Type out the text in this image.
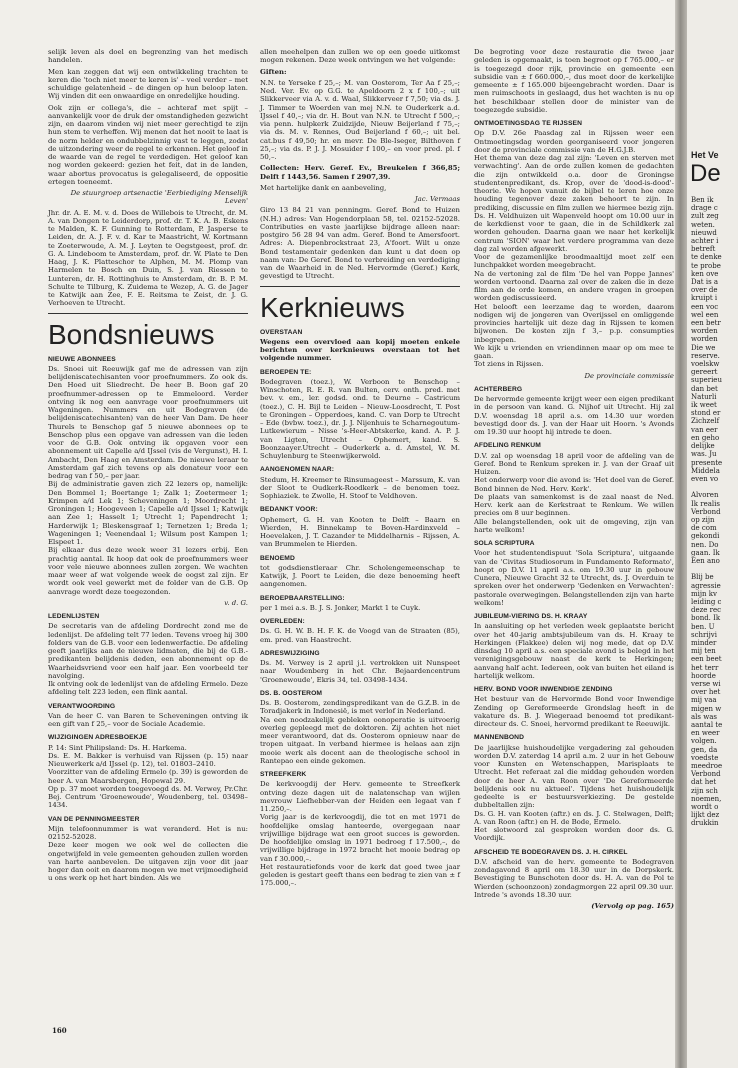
selijk leven als doel en begrenzing van het medisch handelen.

Men kan zeggen dat wij een ontwikkeling trachten te keren die 'toch niet meer te keren is' – veel verder – met schuldige gelatenheid – de dingen op hun beloop laten. Wij vinden dit een onwaardige en onredelijke houding.

Ook zijn er collega's, die – achteraf met spijt – aanvankelijk voor de druk der omstandigheden gezwicht zijn, en daarom vinden wij niet meer gerechtigd te zijn hun stem te verheffen. Wij menen dat het nooit te laat is de norm helder en ondubbelzinnig vast te leggen, zodat de uitzondering weer de regel te erkennen. Het geloof in de waarde van de regel te verdedigen. Het geloof kan nog worden gekeerd: gezien het feit, dat in de landen, waar abortus provocatus is gelegaliseerd, de oppositie ertegen toeneemt.

De stuurgroep artsenactie 'Eerbiediging Menselijk Leven'

Jhr. dr. A. E. M. v. d. Does de Willebois te Utrecht, dr. M. A. van Dongen te Leiderdorp, prof. dr. T. K. A. B. Eskens te Malden, K. F. Gunning te Rotterdam, P. Jasperse te Leiden, dr. A. J. F. v. d. Kar te Maastricht, W. Kortmann te Zoeterwoude, A. M. J. Leyten te Oegstgeest, prof. dr. G. A. Lindeboom te Amsterdam, prof. dr. W. Plate te Den Haag, J. K. Platteschor te Alphen, M. M. Plomp van Harmelen te Bosch en Duin, S. J. van Riessen te Lunteren, dr. H. Rottinghuis te Amsterdam, dr. B. P. M. Schulte te Tilburg, K. Zuidema te Wezep, A. G. de Jager te Katwijk aan Zee, F. E. Reitsma te Zeist, dr. J. G. Verhoeven te Utrecht.

Bondsnieuws
NIEUWE ABONNEES

Ds. Snoei uit Reeuwijk gaf me de adressen van zijn belijdeniscatechisanten voor proefnummers. Zo ook ds. Den Hoed uit Sliedrecht. De heer B. Boon gaf 20 proefnummer-adressen op te Emmeloord. Verder ontving ik nog een aanvrage voor proefnummers uit Wageningen. Nummers en uit Bodegraven (de belijdeniscatechisanten) van de heer Van Dam. De heer Thurels te Benschop gaf 5 nieuwe abonnees op te Benschop plus een opgave van adressen van die leden voor de G.B. Ook ontving ik opgaven voor een abonnement uit Capelle a/d IJssel (vis de Vergunst), H. I. Ambacht, Den Haag en Amsterdam. De nieuwe leraar te Amsterdam gaf zich tevens op als donateur voor een bedrag van f 50,– per jaar.
Bij de administratie gaven zich 22 lezers op, namelijk: Den Bommel 1; Boertange 1; Zalk 1; Zoetermeer 1; Krimpen a/d Lek 1; Scheveningen 1; Moordrecht 1; Groningen 1; Hoogeveen 1; Capelle a/d IJssel 1; Katwijk aan Zee 1; Hasselt 1; Utrecht 1; Papendrecht 1; Harderwijk 1; Bleskensgraaf 1; Ternetzen 1; Breda 1; Wageningen 1; Veenendaal 1; Wilsum post Kampen 1; Elspeet 1.
Bij elkaar dus deze week weer 31 lezers erbij. Een prachtig aantal. Ik hoop dat ook de proefnummers weer voor vele nieuwe abonnees zullen zorgen. We wachten maar weer af wat volgende week de oogst zal zijn. Er wordt ook veel gewerkt met de folder van de G.B. Op aanvrage wordt deze toegezonden.

v. d. G.

LEDENLIJSTEN

De secretaris van de afdeling Dordrecht zond me de ledenlijst. De afdeling telt 77 leden. Tevens vroeg hij 300 folders van de G.B. voor een ledenwerfactie. De afdeling geeft jaarlijks aan de nieuwe lidmaten, die bij de G.B.-predikanten belijdenis deden, een abonnement op de Waarheidsvriend voor een half jaar. Een voorbeeld ter navolging.
Ik ontving ook de ledenlijst van de afdeling Ermelo. Deze afdeling telt 223 leden, een flink aantal.

VERANTWOORDING

Van de heer C. van Baren te Scheveningen ontving ik een gift van f 25,– voor de Sociale Academie.

WIJZIGINGEN ADRESBOEKJE

P. 14: Sint Philipsland: Ds. H. Harkema.
Ds. E. M. Bakker is verhuisd van Rijssen (p. 15) naar Nieuwerkerk a/d IJssel (p. 12), tel. 01803–2410.
Voorzitter van de afdeling Ermelo (p. 39) is geworden de heer A. van Maarsbergen, Hopewal 29.
Op p. 37 moet worden toegevoegd ds. M. Verwey, Pr.Chr. Bej. Centrum 'Groenewoude', Woudenberg, tel. 03498–1434.

VAN DE PENNINGMEESTER

Mijn telefoonnummer is wat veranderd. Het is nu: 02152-52028.
Deze keer mogen we ook wel de collecten die ongetwijfeld in vele gemeenten gehouden zullen worden van harte aanbevelen. De uitgaven zijn voor dit jaar hoger dan ooit en daarom mogen we met vrijmoedigheid u ons werk op het hart binden. Als we

allen meehelpen dan zullen we op een goede uitkomst mogen rekenen. Deze week ontvingen we het volgende:

Giften:

N.N. te Yerseke f 25,–; M. van Oosterom, Ter Aa f 25,–; Ned. Ver. Ev. op G.G. te Apeldoorn 2 x f 100,–; uit Slikkerveer via A. v. d. Waal, Slikkerveer f 7,50; via ds. J. J. Timmer te Woerden van mej N.N. te Ouderkerk a.d. IJssel f 40,–; via dr. H. Bout van N.N. te Utrecht f 500,–; via penn. hulpkerk Zuidzijde, Nieuw Beijerland f 75,–; via ds. M. v. Rennes, Oud Beijerland f 60,–; uit bel. cat.bus f 49,50; hr. en mevr. De Ble-Iseger, Bilthoven f 25,–; via ds. P. J. J. Mosuider f 100,– en voor pred. pl. f 50,–.

Collecten: Herv. Geref. Ev., Breukelen f 366,85; Delft f 1443,56. Samen f 2907,39.

Met hartelijke dank en aanbeveling,

Jac. Vermaas

Giro 13 84 21 van penningm. Geref. Bond te Huizen (N.H.) adres: Van Hogendorplaan 58, tel. 02152-52028. Contributies en vaste jaarlijkse bijdrage alleen naar: postgiro 56 28 94 van adm. Geref. Bond te Amersfoort. Adres: A. Diepenbrockstraat 23, A'foort. Wilt u onze Bond testamentair gedenken dan kunt u dat doen op naam van: De Geref. Bond to verbreiding en verdediging van de Waarheid in de Ned. Hervormde (Geref.) Kerk, gevestigd te Utrecht.

Kerknieuws
OVERSTAAN

Wegens een overvloed aan kopij moeten enkele berichten over kerknieuws overstaan tot het volgende nummer.

BEROEPEN TE:

Bodegraven (toez.), W. Verboon te Benschop – Winschoten, R. E. R. van Bulten, cerv. onth. pred. met bev. v. em., ler. godsd. ond. te Deurne – Castricum (toez.), C. H. Bijl te Leiden – Nieuw-Loosdrecht, T. Post te Groningen – Opperdoes, kand. C. van Dorp te Utrecht – Ede (bvbw. toez.), dr. J. J. Nijenhuis te Scharnegoutum-Lutkewierum – Nisse 's-Heer-Abtskerke, kand. A. P. J. van Ligten, Utrecht – Ophemert, kand. S. Boonzaayer.Utrecht – Ouderkerk a. d. Amstel, W. M. Schuylenburg te Steenwijkerwold.

AANGENOMEN NAAR:

Stedum, H. Kreemer te Rinsumageest – Marssum, K. van der Sloot te Oudkerk-Roodkerk – de benomen toez. Sophiaziek. te Zwolle, H. Stoof te Veldhoven.

BEDANKT VOOR:

Ophemert, G. H. van Kooten te Delft – Baarn en Wierden, H. Binnekamp te Boven-Hardinxveld – Hoevelaken, J. T. Cazander te Middelharnis – Rijssen, A. van Brummelen te Hierden.

BENOEMD

tot godsdienstleraar Chr. Scholengemeenschap te Katwijk, J. Poort te Leiden, die deze benoeming heeft aangenomen.

BEROEPBAARSTELLING:

per 1 mei a.s. B. J. S. Jonker, Markt 1 te Cuyk.

OVERLEDEN:

Ds. G. H. W. B. H. F. K. de Voogd van de Straaten (85), em. pred. van Haastrecht.

ADRESWIJZIGING

Ds. M. Verwey is 2 april j.l. vertrokken uit Nunspeet naar Woudenberg in het Chr. Bejaardencentrum 'Groenewoude', Ekris 34, tel. 03498-1434.

DS. B. OOSTEROM

Ds. B. Oosterom, zendingspredikant van de G.Z.B. in de Toradjakerk in Indonesië, is met verlof in Nederland.
Na een noodzakelijk gebleken oonoperatie is uitvoerig overleg gepleegd met de doktoren. Zij achten het niet meer verantwoord, dat ds. Oosterom opnieuw naar de tropen uitgaat. In verband hiermee is helaas aan zijn mooie werk als docent aan de theologische school in Rantepao een einde gekomen.

STREEFKERK

De kerkvoogdij der Herv. gemeente te Streefkerk ontving deze dagen uit de nalatenschap van wijlen mevrouw Liefhebber-van der Heiden een legaat van f 11.250,–.
Vorig jaar is de kerkvoogdij, die tot en met 1971 de hoofdelijke omslag hanteerde, overgegaan naar vrijwillige bijdrage wat een groot succes is geworden. De hoofdelijke omslag in 1971 bedroeg f 17.500,–, de vrijwillige bijdrage in 1972 bracht het mooie bedrag op van f 30.000,–.
Het restauratiefonds voor de kerk dat goed twee jaar geleden is gestart geeft thans een bedrag te zien van ± f 175.000,–.

De begroting voor deze restauratie die twee jaar geleden is opgemaakt, is toen begroot op f 765.000,– er is toegezegd door rijk, provincie en gemeente een subsidie van ± f 660.000,–, dus moet door de kerkelijke gemeente ± f 165.000 bijeengebracht worden. Daar is men ruimschoots in geslaagd, dus het wachten is nu op het beschikbaar stellen door de minister van de toegezegde subsidie.

ONTMOETINGSDAG TE RIJSSEN

Op D.V. 26e Paasdag zal in Rijssen weer een Ontmoetingsdag worden georganiseerd voor jongeren door de provinciale commissie van de H.G.J.B.
Het thema van deze dag zal zijn: 'Leven en sterven met verwachting'. Aan de orde zullen komen de gedachten die zijn ontwikkeld o.a. door de Groningse studentenpredikant, ds. Krop, over de 'dood-is-dood'-theorie. We hopen vanuit de bijbel te leren hoe onze houding tegenover deze zaken behoort te zijn. In prediking, discussie en film zullen we hiermee bezig zijn.
Ds. H. Veldhuizen uit Wapenveld hoopt om 10.00 uur in de kerkdienst voor te gaan, die in de Schildkerk zal worden gehouden. Daarna gaan we naar het kerkelijk centrum 'SION' waar het verdere programma van deze dag zal worden afgewerkt.
Voor de gezamenlijke broodmaaltijd moet zelf een lunchpakket worden meegebracht.
Na de vertoning zal de film 'De hel van Poppe Jannes' worden vertoond. Daarna zal over de zaken die in deze film aan de orde komen, en andere vragen in groepen worden gediscussieerd.
Het belooft een leerzame dag te worden, daarom nodigen wij de jongeren van Overijssel en omliggende provincies hartelijk uit deze dag in Rijssen te komen bijwonen. De kosten zijn f 3,– p.p. consumpties inbegrepen.
We kijk u vrienden en vriendinnen maar op om mee te gaan.
Tot ziens in Rijssen.

De provinciale commissie

ACHTERBERG

De hervormde gemeente krijgt weer een eigen predikant in de persoon van kand. G. Nijhof uit Utrecht. Hij zal D.V. woensdag 18 april a.s. om 14.30 uur worden bevestigd door ds. J. van der Haar uit Hoorn. 's Avonds om 19.30 uur hoopt hij intrede te doen.

AFDELING RENKUM

D.V. zal op woensdag 18 april voor de afdeling van de Geref. Bond te Renkum spreken ir. J. van der Graaf uit Huizen.
Het onderwerp voor die avond is: 'Het doel van de Geref. Bond binnen de Ned. Herv. Kerk'.
De plaats van samenkomst is de zaal naast de Ned. Herv. kerk aan de Kerkstraat te Renkum. We willen precies om 8 uur beginnen.
Alle belangstellenden, ook uit de omgeving, zijn van harte welkom!

SOLA SCRIPTURA

Voor het studentendispuut 'Sola Scriptura', uitgaande van de 'Civitas Studiosorum in Fundamento Reformato', hoopt op D.V. 11 april a.s. om 19.30 uur in gebouw Cunera, Nieuwe Gracht 32 te Utrecht, ds. J. Overduin te spreken over het onderwerp 'Gedenken en Verwachten': pastorale overwegingen. Belangstellenden zijn van harte welkom!

JUBILEUM-VIERING DS. H. KRAAY

In aansluiting op het verleden week geplaatste bericht over het 40-jarig ambtsjubileum van ds. H. Kraay te Herkingen (Flakkee) delen wij nog mede, dat op D.V. dinsdag 10 april a.s. een speciale avond is belegd in het verenigingsgebouw naast de kerk te Herkingen; aanvang half acht. Iedereen, ook van buiten het eiland is hartelijk welkom.

HERV. BOND VOOR INWENDIGE ZENDING

Het bestuur van de Hervormde Bond voor Inwendige Zending op Gereformeerde Grondslag heeft in de vakature ds. B. J. Wiegeraad benoemd tot predikant-directeur ds. C. Snoei, hervormd predikant te Reeuwijk.

MANNENBOND

De jaarlijkse huishoudelijke vergadering zal gehouden worden D.V. zaterdag 14 april a.m. 2 uur in het Gebouw voor Kunsten en Wetenschappen, Marisplaats te Utrecht. Het referaat zal die middag gehouden worden door de heer A. van Roon over 'De Gereformeerde belijdenis ook nu aktueel'. Tijdens het huishoudelijk gedeelte is er bestuursverkiezing. De gestelde dubbeltallen zijn:
Ds. G. H. van Kooten (aftr.) en ds. J. C. Stelwagen, Delft; A. van Roon (aftr.) en H. de Bode, Ermelo.
Het slotwoord zal gesproken worden door ds. G. Voordijk.

AFSCHEID TE BODEGRAVEN DS. J. H. CIRKEL

D.V. afscheid van de herv. gemeente te Bodegraven zondagavond 8 april om 18.30 uur in de Dorpskerk. Bevestiging te Bunschoten door ds. H. A. van de Pol te Wierden (schoonzoon) zondagmorgen 22 april 09.30 uur.
Intrede 's avonds 18.30 uur.

(Vervolg op pag. 165)

160
Het Ve
De
Ben ik
drage c
zult zeg
weten.
nieuwd
achter i
betreft
te denke
te probe
ken ove
Dat is a
over de
kruipt i
een voc
wel een
een betr
worden
worden
Die we
reserve.
voelskw
gereert
superieu
dan bet
Naturli
ik weet
stond er
Zichzelf
van eer
en geho
delijke
was. Ju
presente
Middela
even vo

Alvoren
Ik realis
Verbond
op zijn
de com
gekondi
nen. Do
gaan. Ik
Een ano

Blij be
agressie
mijn kv
leiding c
deze rec
bond. Ik
ben. U
schrijvi
minder
mij ten
een beet
het terr
hoorde
verse wi
over het
mij vaa
migen w
als was
aantal te
en weer
volgen.
gen, da
voedste
meedroe
Verbond
dat het
zijn sch
noemen,
wordt o
lijkt dez
drukkin
